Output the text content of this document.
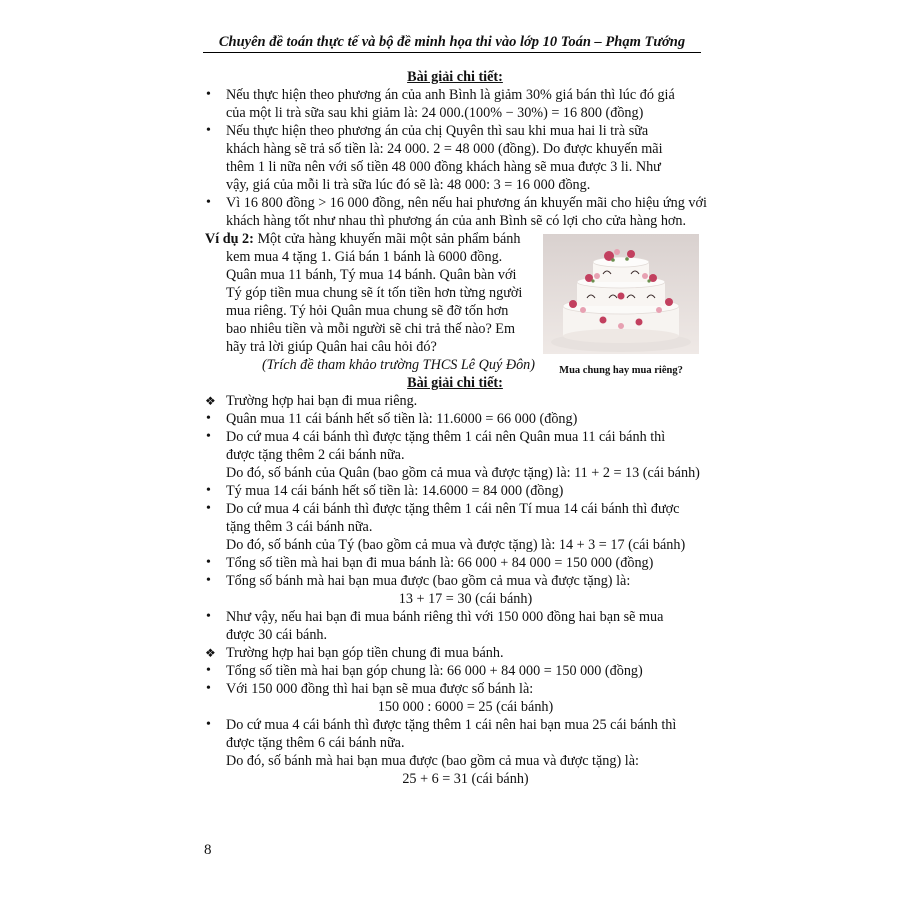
Chuyên đề toán thực tế và bộ đề minh họa thi vào lớp 10 Toán – Phạm Tướng

Bài giải chi tiết:

• Nếu thực hiện theo phương án của anh Bình là giảm 30% giá bán thì lúc đó giá
của một li trà sữa sau khi giảm là: 24 000.(100% − 30%) = 16 800 (đồng)
• Nếu thực hiện theo phương án của chị Quyên thì sau khi mua hai li trà sữa
khách hàng sẽ trả số tiền là: 24 000. 2 = 48 000 (đồng). Do được khuyến mãi
thêm 1 li nữa nên với số tiền 48 000 đồng khách hàng sẽ mua được 3 li. Như
vậy, giá của mỗi li trà sữa lúc đó sẽ là: 48 000: 3 = 16 000 đồng.
• Vì 16 800 đồng > 16 000 đồng, nên nếu hai phương án khuyến mãi cho hiệu ứng với
khách hàng tốt như nhau thì phương án của anh Bình sẽ có lợi cho cửa hàng hơn.
Ví dụ 2: Một cửa hàng khuyến mãi một sản phẩm bánh
kem mua 4 tặng 1. Giá bán 1 bánh là 6000 đồng.
Quân mua 11 bánh, Tý mua 14 bánh. Quân bàn với
Tý góp tiền mua chung sẽ ít tốn tiền hơn từng người
mua riêng. Tý hỏi Quân mua chung sẽ đỡ tốn hơn
bao nhiêu tiền và mỗi người sẽ chi trả thế nào? Em
hãy trả lời giúp Quân hai câu hỏi đó?
(Trích đề tham khảo trường THCS Lê Quý Đôn)	Mua chung hay mua riêng?

Bài giải chi tiết:

❖ Trường hợp hai bạn đi mua riêng.
• Quân mua 11 cái bánh hết số tiền là: 11.6000 = 66 000 (đồng)
• Do cứ mua 4 cái bánh thì được tặng thêm 1 cái nên Quân mua 11 cái bánh thì
được tặng thêm 2 cái bánh nữa.
Do đó, số bánh của Quân (bao gồm cả mua và được tặng) là: 11 + 2 = 13 (cái bánh)
• Tý mua 14 cái bánh hết số tiền là: 14.6000 = 84 000 (đồng)
• Do cứ mua 4 cái bánh thì được tặng thêm 1 cái nên Tí mua 14 cái bánh thì được
tặng thêm 3 cái bánh nữa.
Do đó, số bánh của Tý (bao gồm cả mua và được tặng) là: 14 + 3 = 17 (cái bánh)
• Tổng số tiền mà hai bạn đi mua bánh là: 66 000 + 84 000 = 150 000 (đồng)
• Tổng số bánh mà hai bạn mua được (bao gồm cả mua và được tặng) là:
13 + 17 = 30 (cái bánh)
• Như vậy, nếu hai bạn đi mua bánh riêng thì với 150 000 đồng hai bạn sẽ mua
được 30 cái bánh.
❖ Trường hợp hai bạn góp tiền chung đi mua bánh.
• Tổng số tiền mà hai bạn góp chung là: 66 000 + 84 000 = 150 000 (đồng)
• Với 150 000 đồng thì hai bạn sẽ mua được số bánh là:
150 000 : 6000 = 25 (cái bánh)
• Do cứ mua 4 cái bánh thì được tặng thêm 1 cái nên hai bạn mua 25 cái bánh thì
được tặng thêm 6 cái bánh nữa.
Do đó, số bánh mà hai bạn mua được (bao gồm cả mua và được tặng) là:
25 + 6 = 31 (cái bánh)
8
